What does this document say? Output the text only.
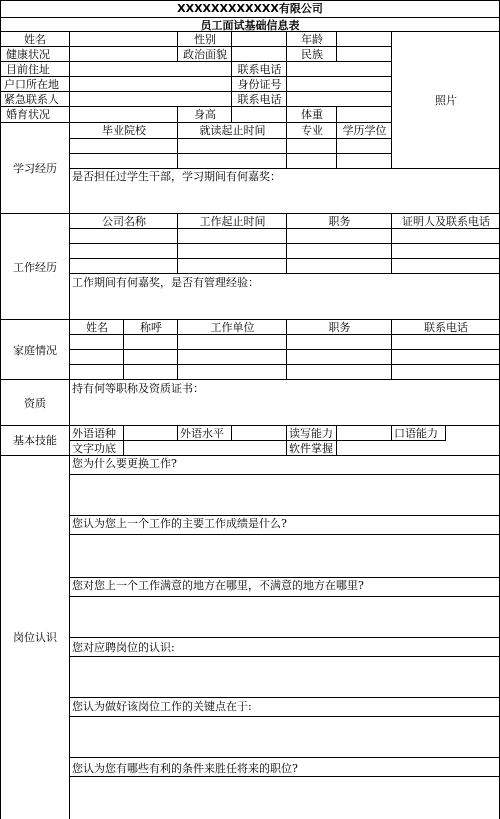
XXXXXXXXXXXX有限公司
员工面试基础信息表
姓名	性别	年龄
健康状况	政治面貌	民族
目前住址	联系电话
户口所在地	身份证号
紧急联系人	联系电话
婚育状况	身高	体重
照片
学习经历
毕业院校	就读起止时间	专业	学历学位
是否担任过学生干部，学习期间有何嘉奖：
工作经历
公司名称	工作起止时间	职务	证明人及联系电话
工作期间有何嘉奖，是否有管理经验：
家庭情况
姓名	称呼	工作单位	职务	联系电话
资质
持有何等职称及资质证书：
基本技能
外语语种	外语水平	读写能力	口语能力
文字功底	软件掌握
岗位认识
您为什么要更换工作?
您认为您上一个工作的主要工作成绩是什么?
您对您上一个工作满意的地方在哪里，不满意的地方在哪里?
您对应聘岗位的认识:
您认为做好该岗位工作的关键点在于:
您认为您有哪些有利的条件来胜任将来的职位?
